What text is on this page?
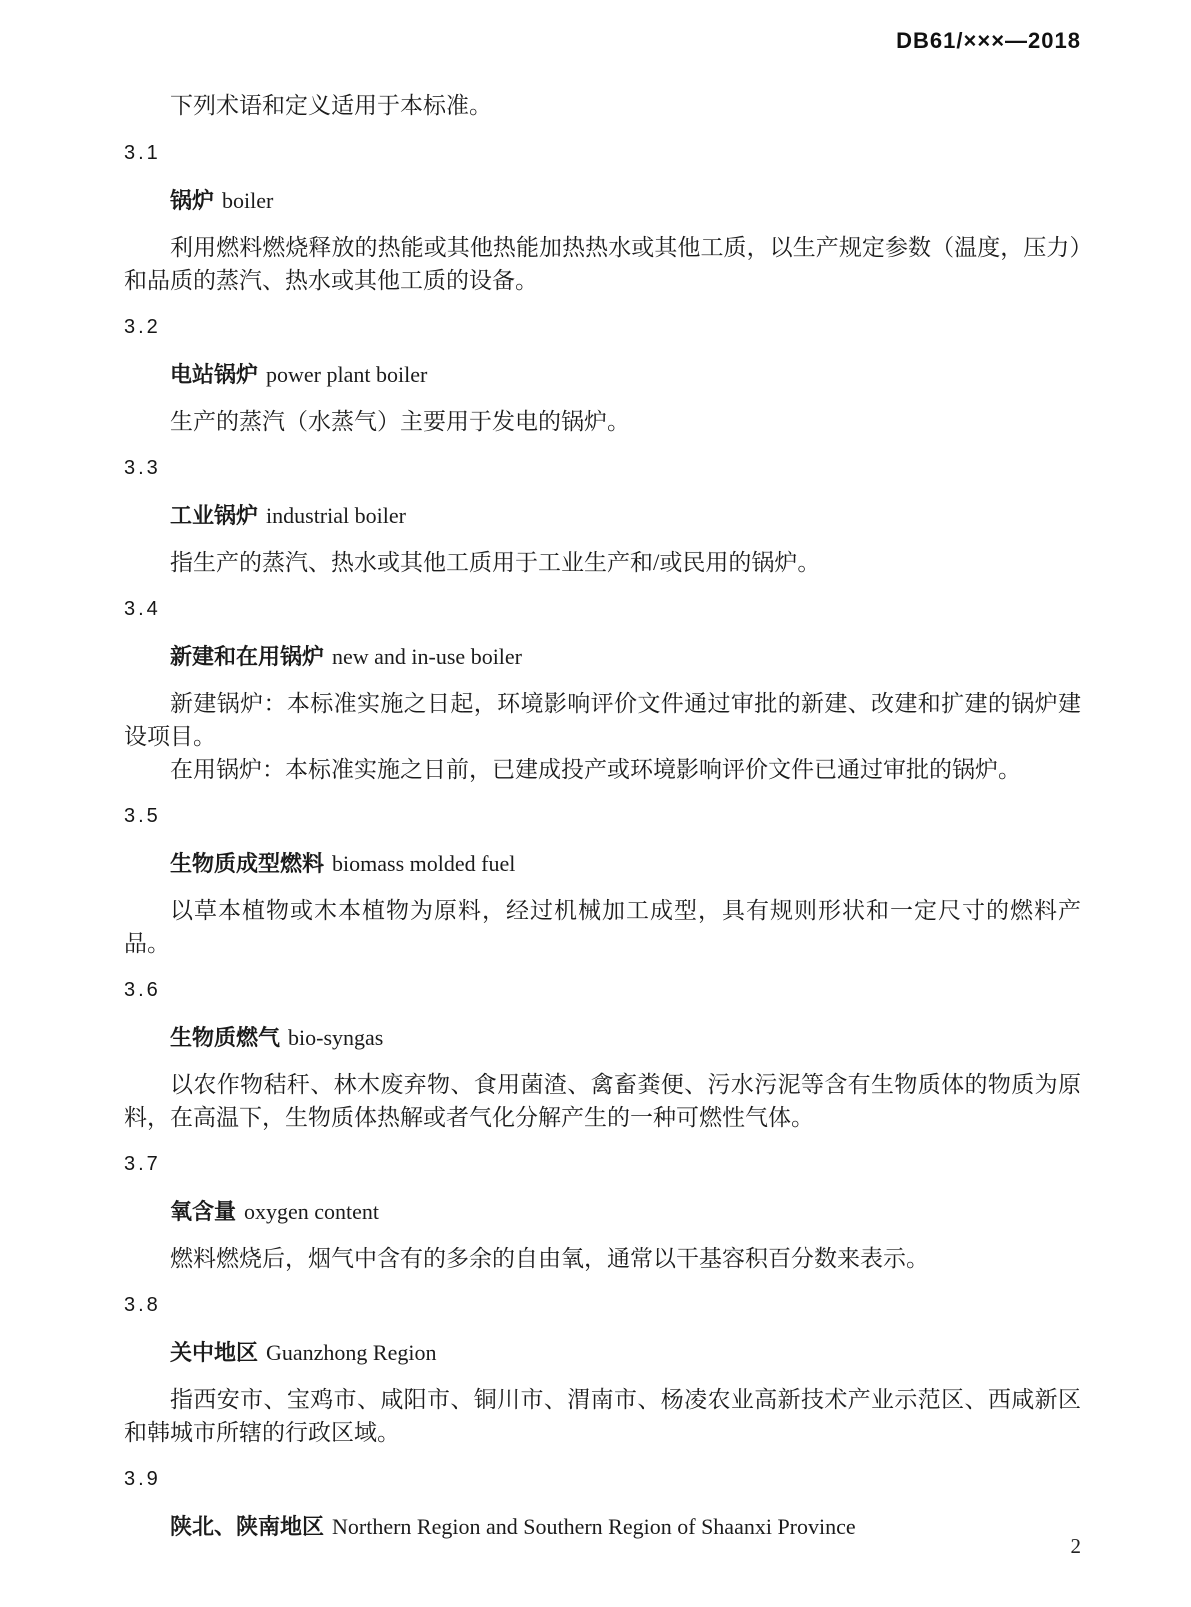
DB61/×××—2018

下列术语和定义适用于本标准。

3.1
锅炉 boiler

利用燃料燃烧释放的热能或其他热能加热热水或其他工质，以生产规定参数（温度，压力）和品质的蒸汽、热水或其他工质的设备。

3.2
电站锅炉 power plant boiler

生产的蒸汽（水蒸气）主要用于发电的锅炉。

3.3
工业锅炉 industrial boiler

指生产的蒸汽、热水或其他工质用于工业生产和/或民用的锅炉。

3.4
新建和在用锅炉 new and in-use boiler

新建锅炉：本标准实施之日起，环境影响评价文件通过审批的新建、改建和扩建的锅炉建设项目。

在用锅炉：本标准实施之日前，已建成投产或环境影响评价文件已通过审批的锅炉。

3.5
生物质成型燃料 biomass molded fuel

以草本植物或木本植物为原料，经过机械加工成型，具有规则形状和一定尺寸的燃料产品。

3.6
生物质燃气 bio-syngas

以农作物秸秆、林木废弃物、食用菌渣、禽畜粪便、污水污泥等含有生物质体的物质为原料，在高温下，生物质体热解或者气化分解产生的一种可燃性气体。

3.7
氧含量 oxygen content

燃料燃烧后，烟气中含有的多余的自由氧，通常以干基容积百分数来表示。

3.8
关中地区 Guanzhong Region

指西安市、宝鸡市、咸阳市、铜川市、渭南市、杨凌农业高新技术产业示范区、西咸新区和韩城市所辖的行政区域。

3.9
陕北、陕南地区 Northern Region and Southern Region of Shaanxi Province
2
